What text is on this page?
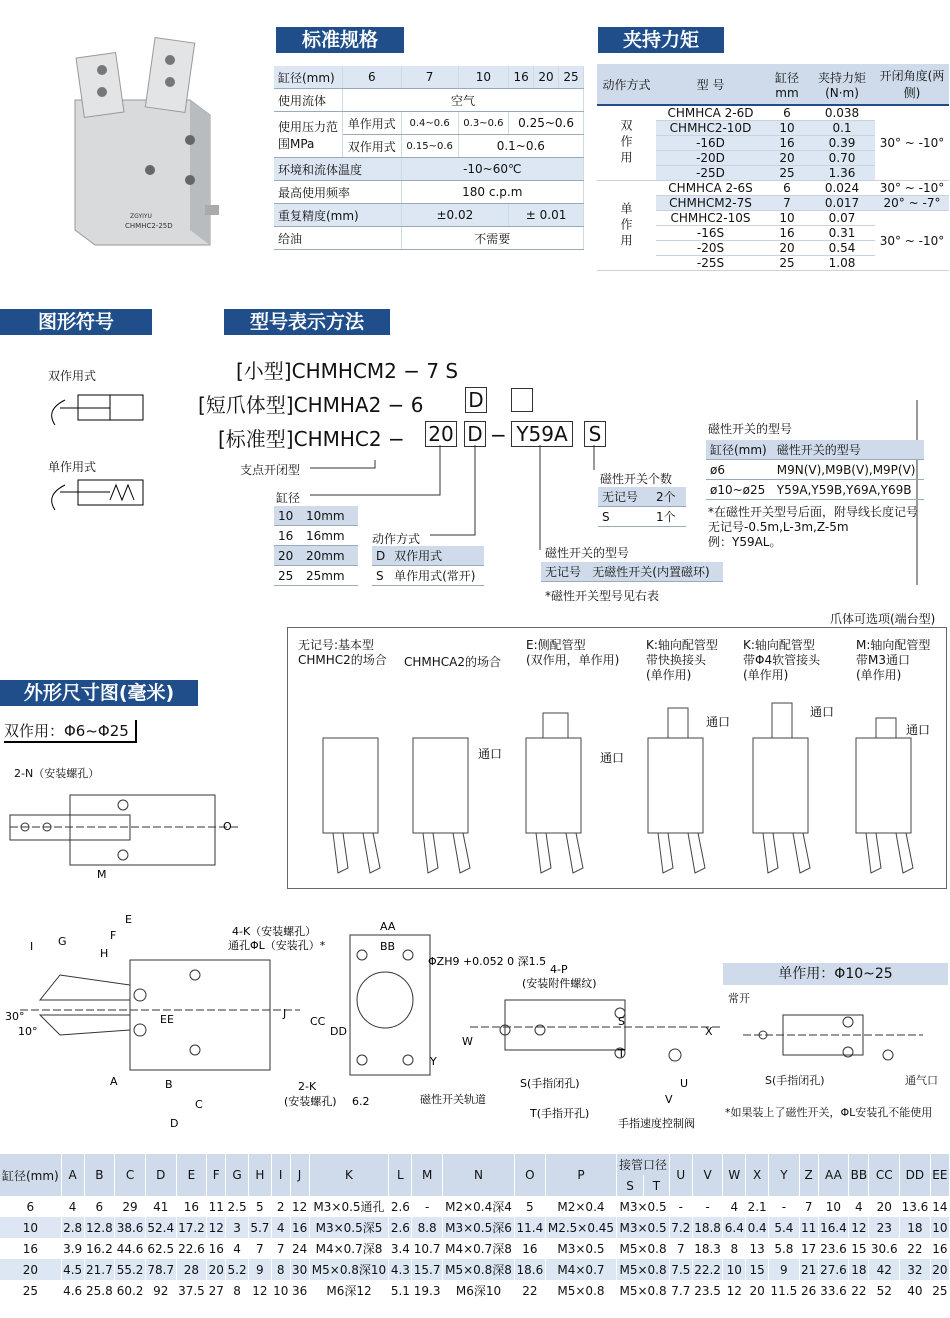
ZGYIYU
CHMHC2-25D
标准规格
缸径(mm)	6	7	10	16	20	25
使用流体	空气					
使用压力范围MPa	单作用式	0.4~0.6	0.3~0.6	0.25~0.6		
	双作用式	0.15~0.6	0.1~0.6			
环境和流体温度		-10~60℃				
最高使用频率		180 c.p.m				
重复精度(mm)		±0.02		± 0.01		
给油		不需要				
夹持力矩
动作方式	型 号	缸径mm	夹持力矩(N·m)	开闭角度(两侧)
双作用	CHMHCA 2-6D	6	0.038	30° ~ -10°
	CHMHC2-10D	10	0.1	
	-16D	16	0.39	
	-20D	20	0.70	
	-25D	25	1.36	
单作用	CHMHCA 2-6S	6	0.024	30° ~ -10°
	CHMHCM2-7S	7	0.017	20° ~ -7°
	CHMHC2-10S	10	0.07	30° ~ -10°
	-16S	16	0.31	
	-20S	20	0.54	
	-25S	25	1.08	
图形符号
双作用式
单作用式
型号表示方法
[小型]CHMHCM2 − 7 S
[短爪体型]CHMHA2 − 6 D
[标准型]CHMHC2 − 20 D − Y59A S
支点开闭型
缸径
10	10mm
16	16mm
20	20mm
25	25mm
动作方式
D	双作用式
S	单作用式(常开)
磁性开关的型号
无记号	无磁性开关(内置磁环)
*磁性开关型号见右表
磁性开关个数
无记号	2个
S	1个
磁性开关的型号
缸径(mm)	磁性开关的型号
ø6	M9N(V),M9B(V),M9P(V)
ø10~ø25	Y59A,Y59B,Y69A,Y69B
*在磁性开关型号后面，附导线长度记号
无记号-0.5m,L-3m,Z-5m
例：Y59AL。
爪体可选项(端台型)
无记号:基本型
CHMHC2的场合 CHMHCA2的场合
E:侧配管型
(双作用，单作用)
K:轴向配管型
带快换接头
(单作用)
K:轴向配管型
带Φ4软管接头
(单作用)
M:轴向配管型
带M3通口
(单作用)
通口	通口
通口
通口
通口
外形尺寸图(毫米)
双作用：Φ6~Φ25
2-N（安装螺孔）
M
O
A	B
C
D
E
F
G
H
I
J
AA
BB
CC
DD
EE
W
Y
X
U
V
S
T
30°
10°
4-K（安装螺孔）
通孔ΦL（安装孔）*
ΦZH9 +0.052 0 深1.5
4-P
(安装附件螺纹)
2-K
(安装螺孔) 6.2	磁性开关轨道
S(手指闭孔)
T(手指开孔)
手指速度控制阀
单作用：Φ10~25
常开
S(手指闭孔)	通气口
*如果装上了磁性开关，ΦL安装孔不能使用
缸径(mm)	A	B	C	D	E	F	G	H	I	J	K	L	M	N	O	P	接管口径		U	V	W	X	Y	Z	AA	BB	CC	DD	EE
																	S	T											
6	4	6	29	41	16	11	2.5	5	2	12	M3×0.5通孔	2.6	-	M2×0.4深4	5	M2×0.4	M3×0.5		-	-	4	2.1	-	7	10	4	20	13.6	14
10	2.8	12.8	38.6	52.4	17.2	12	3	5.7	4	16	M3×0.5深5	2.6	8.8	M3×0.5深6	11.4	M2.5×0.45	M3×0.5		7.2	18.8	6.4	0.4	5.4	11	16.4	12	23	18	10
16	3.9	16.2	44.6	62.5	22.6	16	4	7	7	24	M4×0.7深8	3.4	10.7	M4×0.7深8	16	M3×0.5	M5×0.8		7	18.3	8	13	5.8	17	23.6	15	30.6	22	16
20	4.5	21.7	55.2	78.7	28	20	5.2	9	8	30	M5×0.8深10	4.3	15.7	M5×0.8深8	18.6	M4×0.7	M5×0.8		7.5	22.2	10	15	9	21	27.6	18	42	32	20
25	4.6	25.8	60.2	92	37.5	27	8	12	10	36	M6深12	5.1	19.3	M6深10	22	M5×0.8	M5×0.8		7.7	23.5	12	20	11.5	26	33.6	22	52	40	25
